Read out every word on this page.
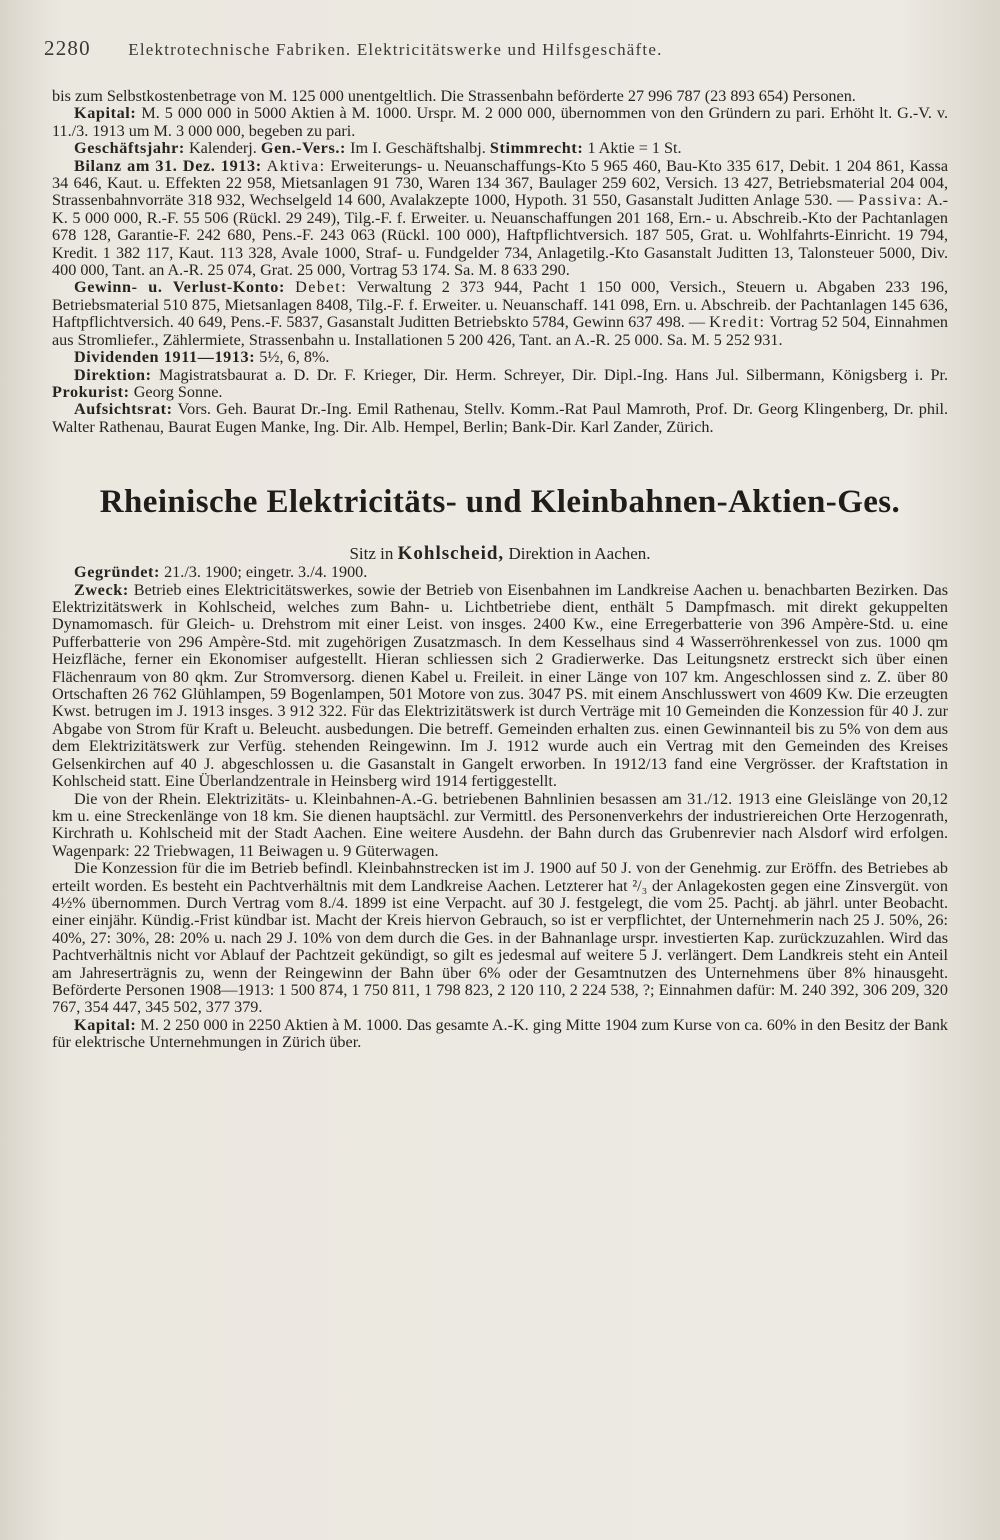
2280 Elektrotechnische Fabriken. Elektricitätswerke und Hilfsgeschäfte.

bis zum Selbstkostenbetrage von M. 125 000 unentgeltlich. Die Strassenbahn beförderte 27 996 787 (23 893 654) Personen.

Kapital: M. 5 000 000 in 5000 Aktien à M. 1000. Urspr. M. 2 000 000, übernommen von den Gründern zu pari. Erhöht lt. G.-V. v. 11./3. 1913 um M. 3 000 000, begeben zu pari.

Geschäftsjahr: Kalenderj. Gen.-Vers.: Im I. Geschäftshalbj. Stimmrecht: 1 Aktie = 1 St.

Bilanz am 31. Dez. 1913: Aktiva: Erweiterungs- u. Neuanschaffungs-Kto 5 965 460, Bau-Kto 335 617, Debit. 1 204 861, Kassa 34 646, Kaut. u. Effekten 22 958, Mietsanlagen 91 730, Waren 134 367, Baulager 259 602, Versich. 13 427, Betriebsmaterial 204 004, Strassenbahnvorräte 318 932, Wechselgeld 14 600, Avalakzepte 1000, Hypoth. 31 550, Gasanstalt Juditten Anlage 530. — Passiva: A.-K. 5 000 000, R.-F. 55 506 (Rückl. 29 249), Tilg.-F. f. Erweiter. u. Neuanschaffungen 201 168, Ern.- u. Abschreib.-Kto der Pachtanlagen 678 128, Garantie-F. 242 680, Pens.-F. 243 063 (Rückl. 100 000), Haftpflichtversich. 187 505, Grat. u. Wohlfahrts-Einricht. 19 794, Kredit. 1 382 117, Kaut. 113 328, Avale 1000, Straf- u. Fundgelder 734, Anlagetilg.-Kto Gasanstalt Juditten 13, Talonsteuer 5000, Div. 400 000, Tant. an A.-R. 25 074, Grat. 25 000, Vortrag 53 174. Sa. M. 8 633 290.

Gewinn- u. Verlust-Konto: Debet: Verwaltung 2 373 944, Pacht 1 150 000, Versich., Steuern u. Abgaben 233 196, Betriebsmaterial 510 875, Mietsanlagen 8408, Tilg.-F. f. Erweiter. u. Neuanschaff. 141 098, Ern. u. Abschreib. der Pachtanlagen 145 636, Haftpflichtversich. 40 649, Pens.-F. 5837, Gasanstalt Juditten Betriebskto 5784, Gewinn 637 498. — Kredit: Vortrag 52 504, Einnahmen aus Stromliefer., Zählermiete, Strassenbahn u. Installationen 5 200 426, Tant. an A.-R. 25 000. Sa. M. 5 252 931.

Dividenden 1911—1913: 5½, 6, 8%.

Direktion: Magistratsbaurat a. D. Dr. F. Krieger, Dir. Herm. Schreyer, Dir. Dipl.-Ing. Hans Jul. Silbermann, Königsberg i. Pr. Prokurist: Georg Sonne.

Aufsichtsrat: Vors. Geh. Baurat Dr.-Ing. Emil Rathenau, Stellv. Komm.-Rat Paul Mamroth, Prof. Dr. Georg Klingenberg, Dr. phil. Walter Rathenau, Baurat Eugen Manke, Ing. Dir. Alb. Hempel, Berlin; Bank-Dir. Karl Zander, Zürich.

Rheinische Elektricitäts- und Kleinbahnen-Aktien-Ges.

Sitz in Kohlscheid, Direktion in Aachen.

Gegründet: 21./3. 1900; eingetr. 3./4. 1900.

Zweck: Betrieb eines Elektricitätswerkes, sowie der Betrieb von Eisenbahnen im Landkreise Aachen u. benachbarten Bezirken. Das Elektrizitätswerk in Kohlscheid, welches zum Bahn- u. Lichtbetriebe dient, enthält 5 Dampfmasch. mit direkt gekuppelten Dynamomasch. für Gleich- u. Drehstrom mit einer Leist. von insges. 2400 Kw., eine Erregerbatterie von 396 Ampère-Std. u. eine Pufferbatterie von 296 Ampère-Std. mit zugehörigen Zusatzmasch. In dem Kesselhaus sind 4 Wasserröhrenkessel von zus. 1000 qm Heizfläche, ferner ein Ekonomiser aufgestellt. Hieran schliessen sich 2 Gradierwerke. Das Leitungsnetz erstreckt sich über einen Flächenraum von 80 qkm. Zur Stromversorg. dienen Kabel u. Freileit. in einer Länge von 107 km. Angeschlossen sind z. Z. über 80 Ortschaften 26 762 Glühlampen, 59 Bogenlampen, 501 Motore von zus. 3047 PS. mit einem Anschlusswert von 4609 Kw. Die erzeugten Kwst. betrugen im J. 1913 insges. 3 912 322. Für das Elektrizitätswerk ist durch Verträge mit 10 Gemeinden die Konzession für 40 J. zur Abgabe von Strom für Kraft u. Beleucht. ausbedungen. Die betreff. Gemeinden erhalten zus. einen Gewinnanteil bis zu 5% von dem aus dem Elektrizitätswerk zur Verfüg. stehenden Reingewinn. Im J. 1912 wurde auch ein Vertrag mit den Gemeinden des Kreises Gelsenkirchen auf 40 J. abgeschlossen u. die Gasanstalt in Gangelt erworben. In 1912/13 fand eine Vergrösser. der Kraftstation in Kohlscheid statt. Eine Überlandzentrale in Heinsberg wird 1914 fertiggestellt.

Die von der Rhein. Elektrizitäts- u. Kleinbahnen-A.-G. betriebenen Bahnlinien besassen am 31./12. 1913 eine Gleislänge von 20,12 km u. eine Streckenlänge von 18 km. Sie dienen hauptsächl. zur Vermittl. des Personenverkehrs der industriereichen Orte Herzogenrath, Kirchrath u. Kohlscheid mit der Stadt Aachen. Eine weitere Ausdehn. der Bahn durch das Grubenrevier nach Alsdorf wird erfolgen. Wagenpark: 22 Triebwagen, 11 Beiwagen u. 9 Güterwagen.

Die Konzession für die im Betrieb befindl. Kleinbahnstrecken ist im J. 1900 auf 50 J. von der Genehmig. zur Eröffn. des Betriebes ab erteilt worden. Es besteht ein Pachtverhältnis mit dem Landkreise Aachen. Letzterer hat ²/₃ der Anlagekosten gegen eine Zinsvergüt. von 4½% übernommen. Durch Vertrag vom 8./4. 1899 ist eine Verpacht. auf 30 J. festgelegt, die vom 25. Pachtj. ab jährl. unter Beobacht. einer einjähr. Kündig.-Frist kündbar ist. Macht der Kreis hiervon Gebrauch, so ist er verpflichtet, der Unternehmerin nach 25 J. 50%, 26: 40%, 27: 30%, 28: 20% u. nach 29 J. 10% von dem durch die Ges. in der Bahnanlage urspr. investierten Kap. zurückzuzahlen. Wird das Pachtverhältnis nicht vor Ablauf der Pachtzeit gekündigt, so gilt es jedesmal auf weitere 5 J. verlängert. Dem Landkreis steht ein Anteil am Jahreserträgnis zu, wenn der Reingewinn der Bahn über 6% oder der Gesamtnutzen des Unternehmens über 8% hinausgeht. Beförderte Personen 1908—1913: 1 500 874, 1 750 811, 1 798 823, 2 120 110, 2 224 538, ?; Einnahmen dafür: M. 240 392, 306 209, 320 767, 354 447, 345 502, 377 379.

Kapital: M. 2 250 000 in 2250 Aktien à M. 1000. Das gesamte A.-K. ging Mitte 1904 zum Kurse von ca. 60% in den Besitz der Bank für elektrische Unternehmungen in Zürich über.
